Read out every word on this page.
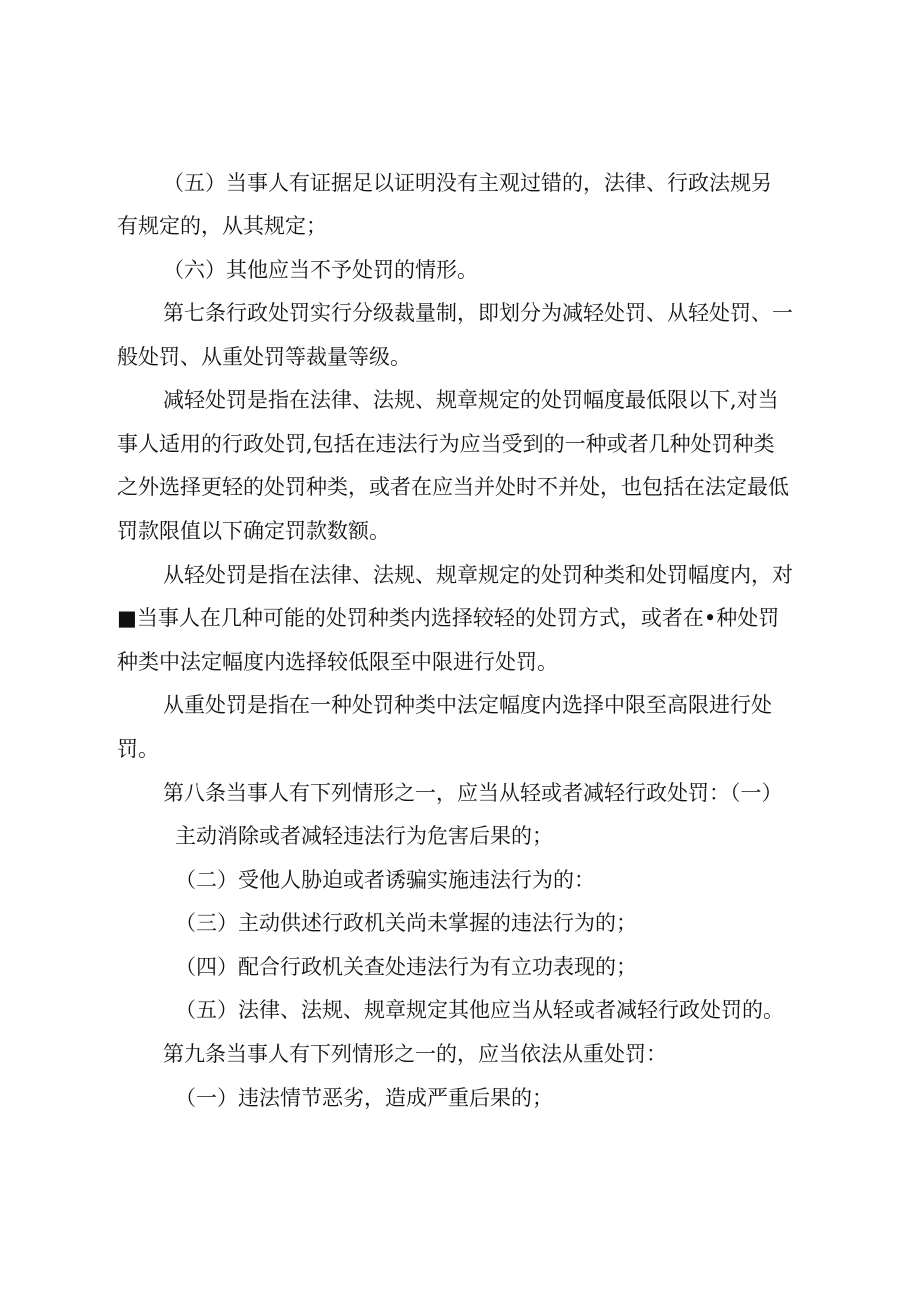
（五）当事人有证据足以证明没有主观过错的，法律、行政法规另
有规定的，从其规定；
（六）其他应当不予处罚的情形。
第七条行政处罚实行分级裁量制，即划分为减轻处罚、从轻处罚、一
般处罚、从重处罚等裁量等级。
减轻处罚是指在法律、法规、规章规定的处罚幅度最低限以下,对当
事人适用的行政处罚,包括在违法行为应当受到的一种或者几种处罚种类
之外选择更轻的处罚种类，或者在应当并处时不并处，也包括在法定最低
罚款限值以下确定罚款数额。
从轻处罚是指在法律、法规、规章规定的处罚种类和处罚幅度内，对
■当事人在几种可能的处罚种类内选择较轻的处罚方式，或者在•种处罚
种类中法定幅度内选择较低限至中限进行处罚。
从重处罚是指在一种处罚种类中法定幅度内选择中限至高限进行处
罚。
第八条当事人有下列情形之一，应当从轻或者减轻行政处罚：（一）
主动消除或者减轻违法行为危害后果的；
（二）受他人胁迫或者诱骗实施违法行为的：
（三）主动供述行政机关尚未掌握的违法行为的；
（四）配合行政机关查处违法行为有立功表现的；
（五）法律、法规、规章规定其他应当从轻或者减轻行政处罚的。
第九条当事人有下列情形之一的，应当依法从重处罚：
（一）违法情节恶劣，造成严重后果的；
